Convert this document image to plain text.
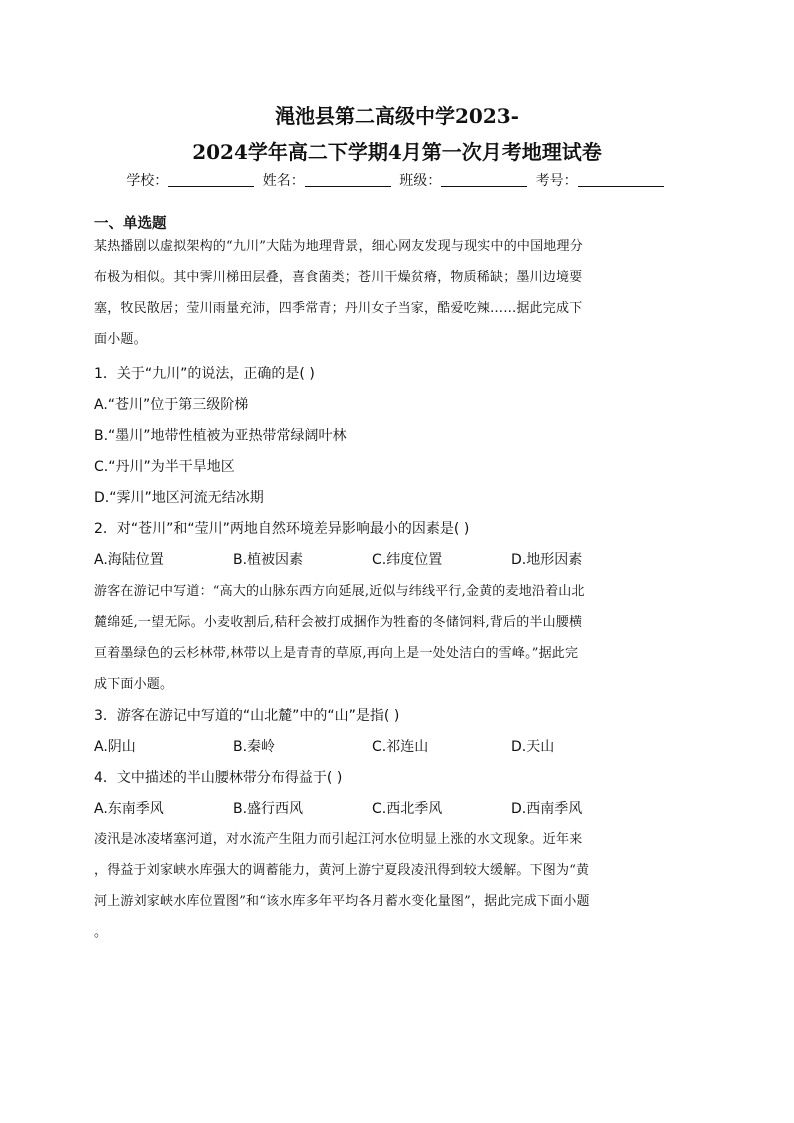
渑池县第二高级中学2023-
2024学年高二下学期4月第一次月考地理试卷
学校：	姓名：	班级：	考号：
一、单选题
某热播剧以虚拟架构的“九川”大陆为地理背景，细心网友发现与现实中的中国地理分
布极为相似。其中霁川梯田层叠，喜食菌类；苍川干燥贫瘠，物质稀缺；墨川边境要
塞，牧民散居；莹川雨量充沛，四季常青；丹川女子当家，酷爱吃辣……据此完成下
面小题。
1．关于“九川”的说法，正确的是( )
A.“苍川”位于第三级阶梯
B.“墨川”地带性植被为亚热带常绿阔叶林
C.“丹川”为半干旱地区
D.“霁川”地区河流无结冰期
2．对“苍川”和“莹川”两地自然环境差异影响最小的因素是( )
A.海陆位置	B.植被因素	C.纬度位置	D.地形因素
游客在游记中写道：“高大的山脉东西方向延展,近似与纬线平行,金黄的麦地沿着山北
麓绵延,一望无际。小麦收割后,秸秆会被打成捆作为牲畜的冬储饲料,背后的半山腰横
亘着墨绿色的云杉林带,林带以上是青青的草原,再向上是一处处洁白的雪峰。”据此完
成下面小题。
3．游客在游记中写道的“山北麓”中的“山”是指( )
A.阴山	B.秦岭	C.祁连山	D.天山
4．文中描述的半山腰林带分布得益于( )
A.东南季风	B.盛行西风	C.西北季风	D.西南季风
凌汛是冰凌堵塞河道，对水流产生阻力而引起江河水位明显上涨的水文现象。近年来
，得益于刘家峡水库强大的调蓄能力，黄河上游宁夏段凌汛得到较大缓解。下图为“黄
河上游刘家峡水库位置图”和“该水库多年平均各月蓄水变化量图”，据此完成下面小题
。
